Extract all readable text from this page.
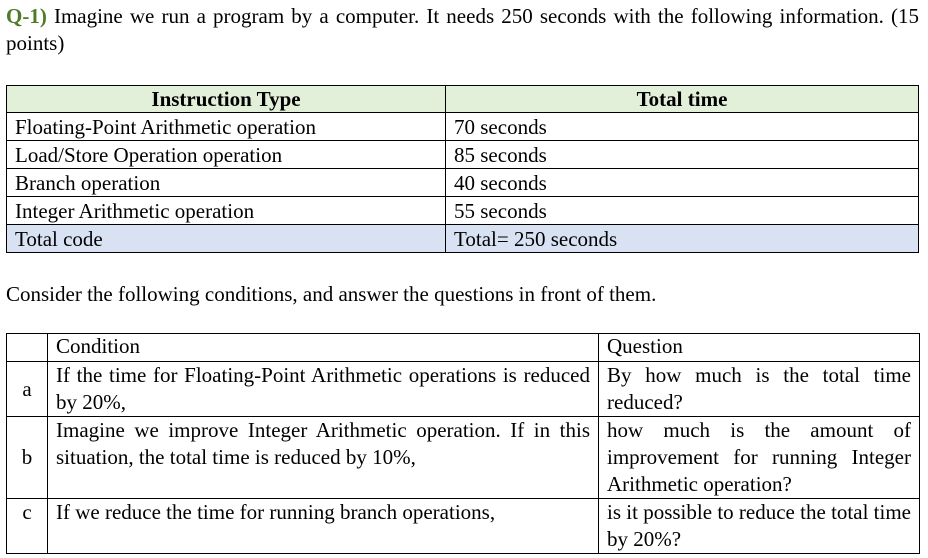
Q-1) Imagine we run a program by a computer. It needs 250 seconds with the following information. (15 points)
Instruction Type	Total time
Floating-Point Arithmetic operation	70 seconds
Load/Store Operation operation	85 seconds
Branch operation	40 seconds
Integer Arithmetic operation	55 seconds
Total code	Total= 250 seconds
Consider the following conditions, and answer the questions in front of them.
	Condition	Question
a	If the time for Floating-Point Arithmetic operations is reduced by 20%,	By how much is the total time reduced?
b	Imagine we improve Integer Arithmetic operation. If in this situation, the total time is reduced by 10%,	how much is the amount of improvement for running Integer Arithmetic operation?
c	If we reduce the time for running branch operations,	is it possible to reduce the total time by 20%?
